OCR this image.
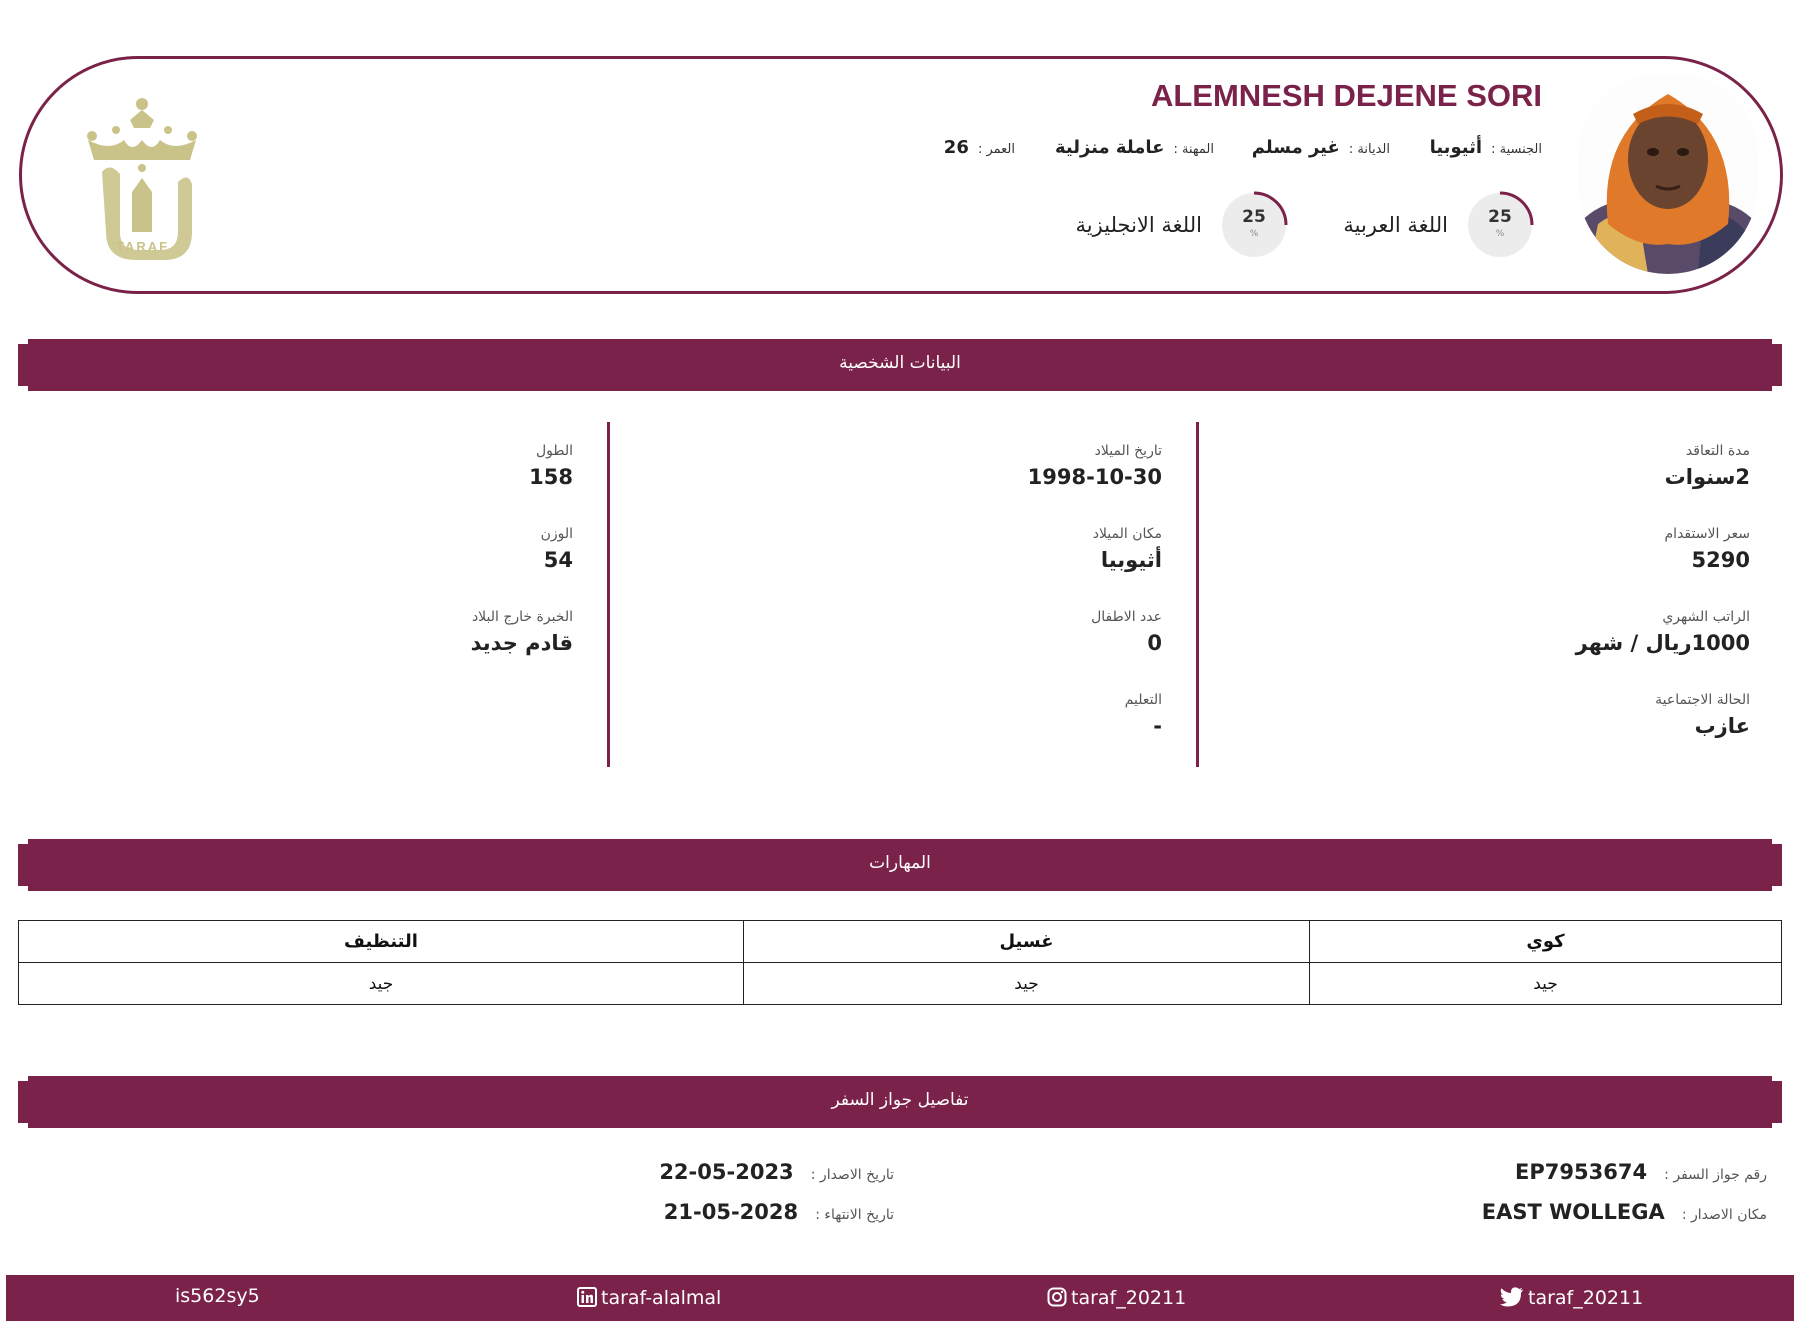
ALEMNESH DEJENE SORI
الجنسية : أثيوبيا
الديانة : غير مسلم
المهنة : عاملة منزلية
العمر : 26
25
%
اللغة العربية
25
%
اللغة الانجليزية
TARAF
البيانات الشخصية
مدة التعاقد
2سنوات
سعر الاستقدام
5290
الراتب الشهري
1000ريال / شهر
الحالة الاجتماعية
عازب
تاريخ الميلاد
1998-10-30
مكان الميلاد
أثيوبيا
عدد الاطفال
0
التعليم
-
الطول
158
الوزن
54
الخبرة خارج البلاد
قادم جديد
المهارات
كوي	غسيل	التنظيف
جيد	جيد	جيد
تفاصيل جواز السفر
رقم جواز السفر : EP7953674
مكان الاصدار : EAST WOLLEGA
تاريخ الاصدار : 2023-05-22
تاريخ الانتهاء : 2028-05-21
is562sy5	taraf-alalmal	taraf_20211	taraf_20211
